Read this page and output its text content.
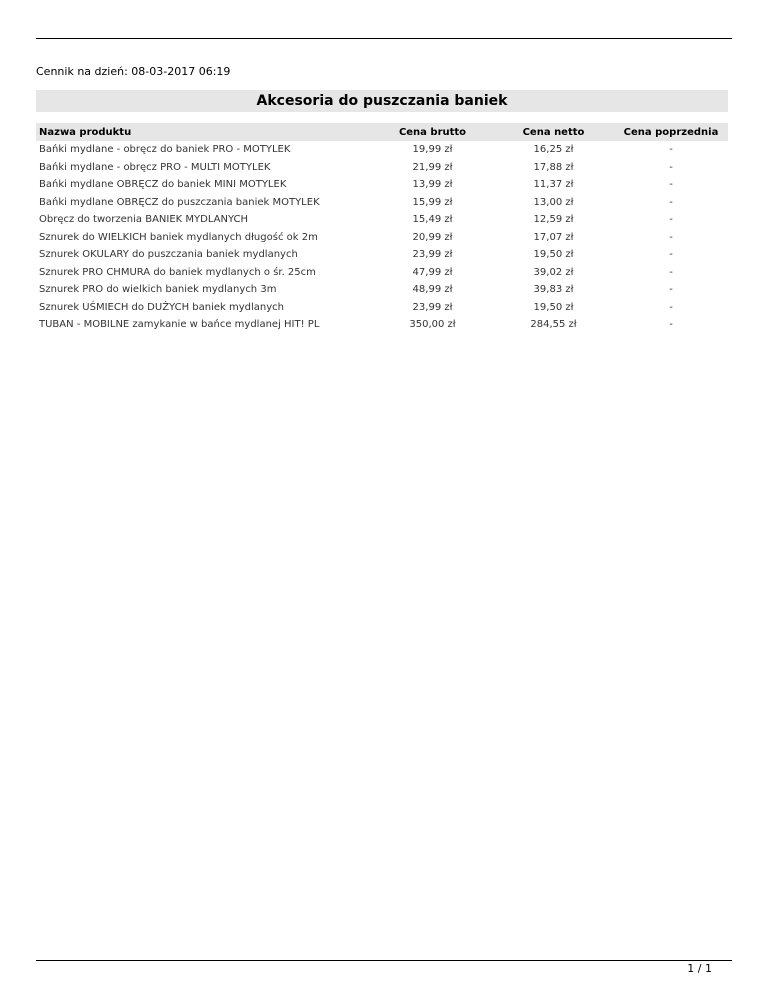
Cennik na dzień: 08-03-2017 06:19
Akcesoria do puszczania baniek
Nazwa produktu	Cena brutto	Cena netto	Cena poprzednia
Bańki mydlane - obręcz do baniek PRO - MOTYLEK	19,99 zł	16,25 zł	-
Bańki mydlane - obręcz PRO - MULTI MOTYLEK	21,99 zł	17,88 zł	-
Bańki mydlane OBRĘCZ do baniek MINI MOTYLEK	13,99 zł	11,37 zł	-
Bańki mydlane OBRĘCZ do puszczania baniek MOTYLEK	15,99 zł	13,00 zł	-
Obręcz do tworzenia BANIEK MYDLANYCH	15,49 zł	12,59 zł	-
Sznurek do WIELKICH baniek mydlanych długość ok 2m	20,99 zł	17,07 zł	-
Sznurek OKULARY do puszczania baniek mydlanych	23,99 zł	19,50 zł	-
Sznurek PRO CHMURA do baniek mydlanych o śr. 25cm	47,99 zł	39,02 zł	-
Sznurek PRO do wielkich baniek mydlanych 3m	48,99 zł	39,83 zł	-
Sznurek UŚMIECH do DUŻYCH baniek mydlanych	23,99 zł	19,50 zł	-
TUBAN - MOBILNE zamykanie w bańce mydlanej HIT! PL	350,00 zł	284,55 zł	-
1 / 1
